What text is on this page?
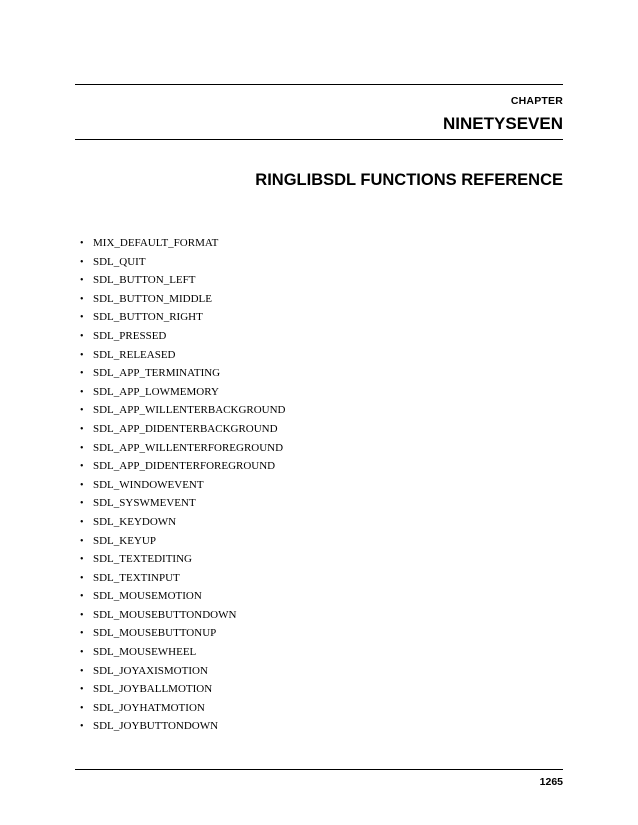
CHAPTER
NINETYSEVEN
RINGLIBSDL FUNCTIONS REFERENCE
• MIX_DEFAULT_FORMAT
• SDL_QUIT
• SDL_BUTTON_LEFT
• SDL_BUTTON_MIDDLE
• SDL_BUTTON_RIGHT
• SDL_PRESSED
• SDL_RELEASED
• SDL_APP_TERMINATING
• SDL_APP_LOWMEMORY
• SDL_APP_WILLENTERBACKGROUND
• SDL_APP_DIDENTERBACKGROUND
• SDL_APP_WILLENTERFOREGROUND
• SDL_APP_DIDENTERFOREGROUND
• SDL_WINDOWEVENT
• SDL_SYSWMEVENT
• SDL_KEYDOWN
• SDL_KEYUP
• SDL_TEXTEDITING
• SDL_TEXTINPUT
• SDL_MOUSEMOTION
• SDL_MOUSEBUTTONDOWN
• SDL_MOUSEBUTTONUP
• SDL_MOUSEWHEEL
• SDL_JOYAXISMOTION
• SDL_JOYBALLMOTION
• SDL_JOYHATMOTION
• SDL_JOYBUTTONDOWN
1265
